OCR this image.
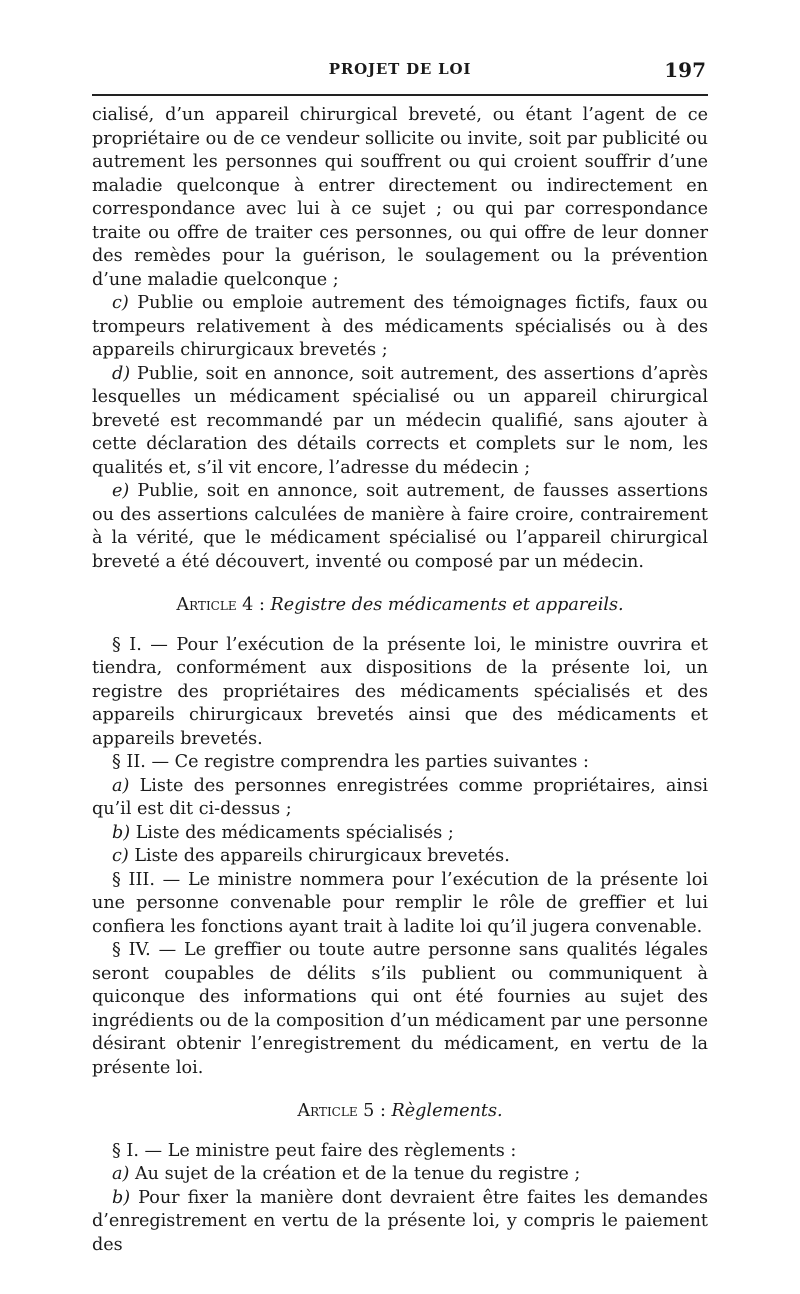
PROJET DE LOI	197

cialisé, d’un appareil chirurgical breveté, ou étant l’agent de ce propriétaire ou de ce vendeur sollicite ou invite, soit par publicité ou autrement les personnes qui souffrent ou qui croient souffrir d’une maladie quelconque à entrer directement ou indirectement en correspondance avec lui à ce sujet ; ou qui par correspondance traite ou offre de traiter ces personnes, ou qui offre de leur donner des remèdes pour la guérison, le soulagement ou la prévention d’une maladie quelconque ;

c) Publie ou emploie autrement des témoignages fictifs, faux ou trompeurs relativement à des médicaments spécialisés ou à des appareils chirurgicaux brevetés ;

d) Publie, soit en annonce, soit autrement, des assertions d’après lesquelles un médicament spécialisé ou un appareil chirurgical breveté est recommandé par un médecin qualifié, sans ajouter à cette déclaration des détails corrects et complets sur le nom, les qualités et, s’il vit encore, l’adresse du médecin ;

e) Publie, soit en annonce, soit autrement, de fausses assertions ou des assertions calculées de manière à faire croire, contrairement à la vérité, que le médicament spécialisé ou l’appareil chirurgical breveté a été découvert, inventé ou composé par un médecin.

Article 4 : Registre des médicaments et appareils.

§ I. — Pour l’exécution de la présente loi, le ministre ouvrira et tiendra, conformément aux dispositions de la présente loi, un registre des propriétaires des médicaments spécialisés et des appareils chirurgicaux brevetés ainsi que des médicaments et appareils brevetés.

§ II. — Ce registre comprendra les parties suivantes :

a) Liste des personnes enregistrées comme propriétaires, ainsi qu’il est dit ci-dessus ;

b) Liste des médicaments spécialisés ;

c) Liste des appareils chirurgicaux brevetés.

§ III. — Le ministre nommera pour l’exécution de la présente loi une personne convenable pour remplir le rôle de greffier et lui confiera les fonctions ayant trait à ladite loi qu’il jugera convenable.

§ IV. — Le greffier ou toute autre personne sans qualités légales seront coupables de délits s’ils publient ou communiquent à quiconque des informations qui ont été fournies au sujet des ingrédients ou de la composition d’un médicament par une personne désirant obtenir l’enregistrement du médicament, en vertu de la présente loi.

Article 5 : Règlements.

§ I. — Le ministre peut faire des règlements :

a) Au sujet de la création et de la tenue du registre ;

b) Pour fixer la manière dont devraient être faites les demandes d’enregistrement en vertu de la présente loi, y compris le paiement des
